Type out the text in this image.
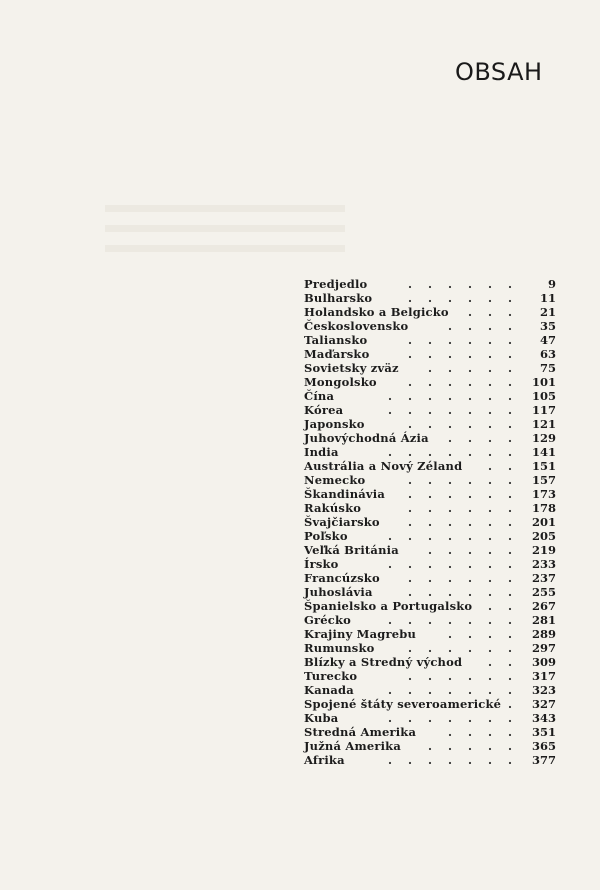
OBSAH
Predjedlo	. . . . . .	9
Bulharsko	. . . . . . 11
Holandsko a Belgicko . . . 21
Československo	. . . . 35
Taliansko	. . . . . . 47
Maďarsko	. . . . . . 63
Sovietsky zväz	. . . . . 75
Mongolsko	. . . . . . 101
Čína	. . . . . . . 105
Kórea	. . . . . . . 117
Japonsko	. . . . . . 121
Juhovýchodná Ázia . . . . 129
India	. . . . . . . 141
Austrália a Nový Zéland . . 151
Nemecko	. . . . . . 157
Škandinávia . . . . . . 173
Rakúsko	. . . . . . 178
Švajčiarsko . . . . . . 201
Poľsko	. . . . . . . 205
Veľká Británia	. . . . . 219
Írsko	. . . . . . . 233
Francúzsko . . . . . . 237
Juhoslávia	. . . . . . 255
Španielsko a Portugalsko . . 267
Grécko	. . . . . . . 281
Krajiny Magrebu	. . . . 289
Rumunsko	. . . . . . 297
Blízky a Stredný východ . . 309
Turecko	. . . . . . 317
Kanada	. . . . . . . 323
Spojené štáty severoamerické . 327
Kuba	. . . . . . . 343
Stredná Amerika	. . . . 351
Južná Amerika . . . . . 365
Afrika	. . . . . . . 377
